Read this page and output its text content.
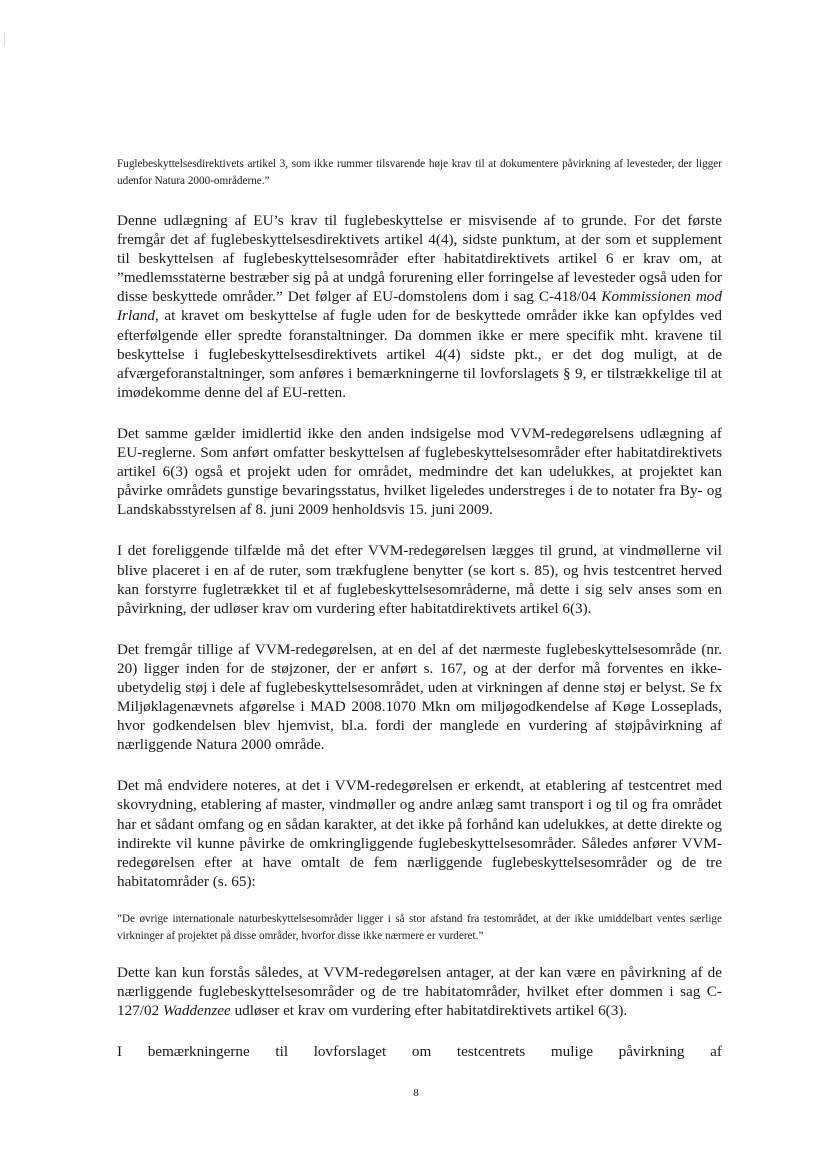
Fuglebeskyttelsesdirektivets artikel 3, som ikke rummer tilsvarende høje krav til at dokumentere påvirkning af levesteder, der ligger udenfor Natura 2000-områderne.”

Denne udlægning af EU’s krav til fuglebeskyttelse er misvisende af to grunde. For det første fremgår det af fuglebeskyttelsesdirektivets artikel 4(4), sidste punktum, at der som et supplement til beskyttelsen af fuglebeskyttelsesområder efter habitatdirektivets artikel 6 er krav om, at ”medlemsstaterne bestræber sig på at undgå forurening eller forringelse af levesteder også uden for disse beskyttede områder.” Det følger af EU-domstolens dom i sag C-418/04 Kommissionen mod Irland, at kravet om beskyttelse af fugle uden for de beskyttede områder ikke kan opfyldes ved efterfølgende eller spredte foranstaltninger. Da dommen ikke er mere specifik mht. kravene til beskyttelse i fuglebeskyttelsesdirektivets artikel 4(4) sidste pkt., er det dog muligt, at de afværgeforanstaltninger, som anføres i bemærkningerne til lovforslagets § 9, er tilstrækkelige til at imødekomme denne del af EU-retten.

Det samme gælder imidlertid ikke den anden indsigelse mod VVM-redegørelsens udlægning af EU-reglerne. Som anført omfatter beskyttelsen af fuglebeskyttelsesområder efter habitatdirektivets artikel 6(3) også et projekt uden for området, medmindre det kan udelukkes, at projektet kan påvirke områdets gunstige bevaringsstatus, hvilket ligeledes understreges i de to notater fra By- og Landskabsstyrelsen af 8. juni 2009 henholdsvis 15. juni 2009.

I det foreliggende tilfælde må det efter VVM-redegørelsen lægges til grund, at vindmøllerne vil blive placeret i en af de ruter, som trækfuglene benytter (se kort s. 85), og hvis testcentret herved kan forstyrre fugletrækket til et af fuglebeskyttelsesområderne, må dette i sig selv anses som en påvirkning, der udløser krav om vurdering efter habitatdirektivets artikel 6(3).

Det fremgår tillige af VVM-redegørelsen, at en del af det nærmeste fuglebeskyttelsesområde (nr. 20) ligger inden for de støjzoner, der er anført s. 167, og at der derfor må forventes en ikke-ubetydelig støj i dele af fuglebeskyttelsesområdet, uden at virkningen af denne støj er belyst. Se fx Miljøklagenævnets afgørelse i MAD 2008.1070 Mkn om miljøgodkendelse af Køge Losseplads, hvor godkendelsen blev hjemvist, bl.a. fordi der manglede en vurdering af støjpåvirkning af nærliggende Natura 2000 område.

Det må endvidere noteres, at det i VVM-redegørelsen er erkendt, at etablering af testcentret med skovrydning, etablering af master, vindmøller og andre anlæg samt transport i og til og fra området har et sådant omfang og en sådan karakter, at det ikke på forhånd kan udelukkes, at dette direkte og indirekte vil kunne påvirke de omkringliggende fuglebeskyttelsesområder. Således anfører VVM-redegørelsen efter at have omtalt de fem nærliggende fuglebeskyttelsesområder og de tre habitatområder (s. 65):

”De øvrige internationale naturbeskyttelsesområder ligger i så stor afstand fra testområdet, at der ikke umiddelbart ventes særlige virkninger af projektet på disse områder, hvorfor disse ikke nærmere er vurderet.”

Dette kan kun forstås således, at VVM-redegørelsen antager, at der kan være en påvirkning af de nærliggende fuglebeskyttelsesområder og de tre habitatområder, hvilket efter dommen i sag C-127/02 Waddenzee udløser et krav om vurdering efter habitatdirektivets artikel 6(3).

I bemærkningerne til lovforslaget om testcentrets mulige påvirkning af

8
